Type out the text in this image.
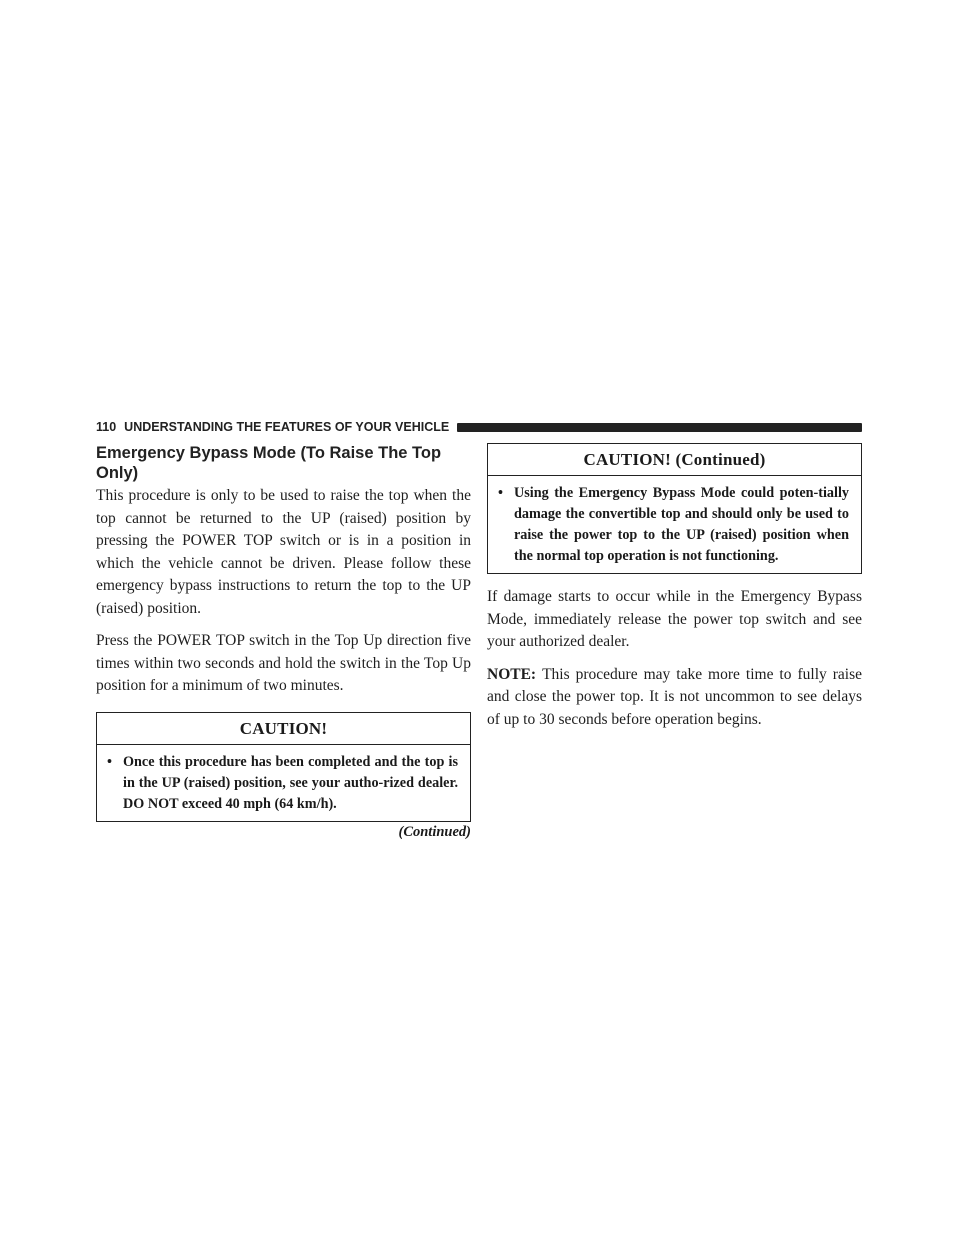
110 UNDERSTANDING THE FEATURES OF YOUR VEHICLE
Emergency Bypass Mode (To Raise The Top Only)

This procedure is only to be used to raise the top when the top cannot be returned to the UP (raised) position by pressing the POWER TOP switch or is in a position in which the vehicle cannot be driven. Please follow these emergency bypass instructions to return the top to the UP (raised) position.

Press the POWER TOP switch in the Top Up direction five times within two seconds and hold the switch in the Top Up position for a minimum of two minutes.

CAUTION!
• Once this procedure has been completed and the top is in the UP (raised) position, see your autho-rized dealer. DO NOT exceed 40 mph (64 km/h).
(Continued)
CAUTION! (Continued)
• Using the Emergency Bypass Mode could poten-tially damage the convertible top and should only be used to raise the power top to the UP (raised) position when the normal top operation is not functioning.

If damage starts to occur while in the Emergency Bypass Mode, immediately release the power top switch and see your authorized dealer.

NOTE: This procedure may take more time to fully raise and close the power top. It is not uncommon to see delays of up to 30 seconds before operation begins.
